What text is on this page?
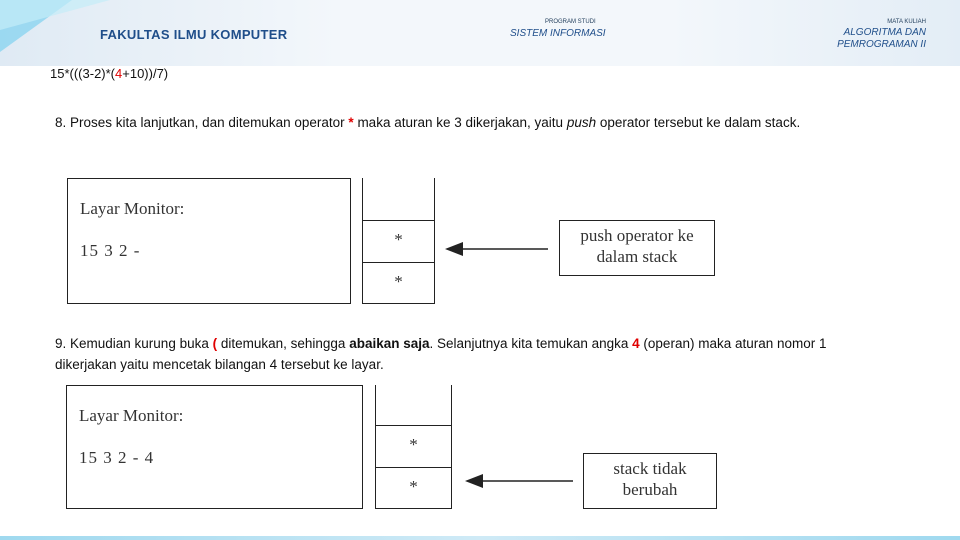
FAKULTAS ILMU KOMPUTER
PROGRAM STUDI
SISTEM INFORMASI
MATA KULIAH
ALGORITMA DAN PEMROGRAMAN II
15*(((3-2)*(4+10))/7)
8. Proses kita lanjutkan, dan ditemukan operator * maka aturan ke 3 dikerjakan, yaitu push operator tersebut ke dalam stack.
Layar Monitor:
15 3 2 -
*
*
push operator ke dalam stack
9. Kemudian kurung buka ( ditemukan, sehingga abaikan saja. Selanjutnya kita temukan angka 4 (operan) maka aturan nomor 1 dikerjakan yaitu mencetak bilangan 4 tersebut ke layar.
Layar Monitor:
15 3 2 - 4
*
*
stack tidak berubah
